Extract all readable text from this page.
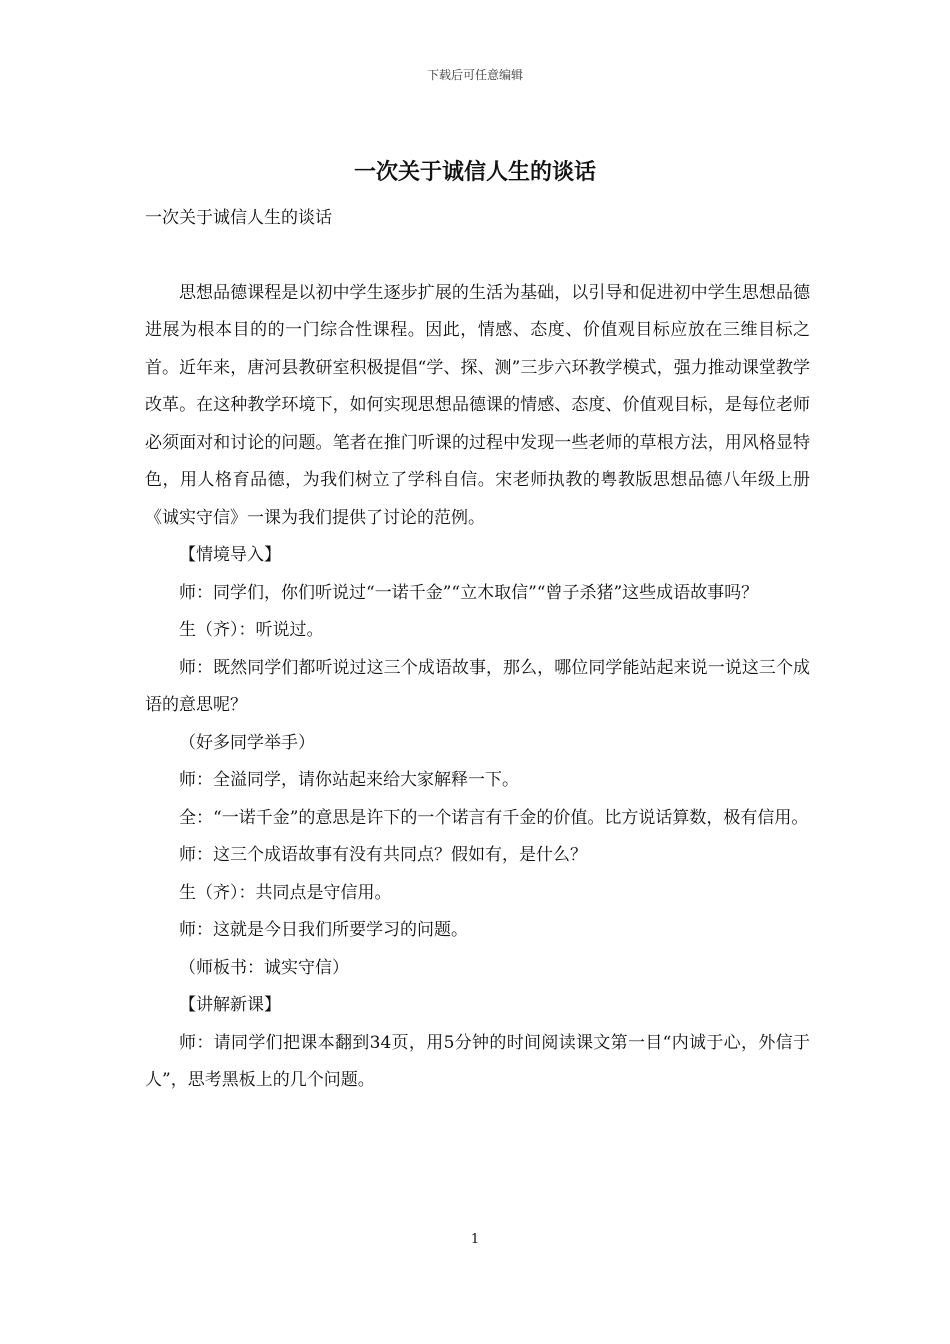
下载后可任意编辑
一次关于诚信人生的谈话

一次关于诚信人生的谈话

思想品德课程是以初中学生逐步扩展的生活为基础，以引导和促进初中学生思想品德进展为根本目的的一门综合性课程。因此，情感、态度、价值观目标应放在三维目标之首。近年来，唐河县教研室积极提倡“学、探、测”三步六环教学模式，强力推动课堂教学改革。在这种教学环境下，如何实现思想品德课的情感、态度、价值观目标，是每位老师必须面对和讨论的问题。笔者在推门听课的过程中发现一些老师的草根方法，用风格显特色，用人格育品德，为我们树立了学科自信。宋老师执教的粤教版思想品德八年级上册《诚实守信》一课为我们提供了讨论的范例。

【情境导入】

师：同学们，你们听说过“一诺千金”“立木取信”“曾子杀猪”这些成语故事吗？

生（齐）：听说过。

师：既然同学们都听说过这三个成语故事，那么，哪位同学能站起来说一说这三个成语的意思呢？

（好多同学举手）

师：全溢同学，请你站起来给大家解释一下。

全：“一诺千金”的意思是许下的一个诺言有千金的价值。比方说话算数，极有信用。

师：这三个成语故事有没有共同点？假如有，是什么？

生（齐）：共同点是守信用。

师：这就是今日我们所要学习的问题。

（师板书：诚实守信）

【讲解新课】

师：请同学们把课本翻到34页，用5分钟的时间阅读课文第一目“内诚于心，外信于人”，思考黑板上的几个问题。

1
